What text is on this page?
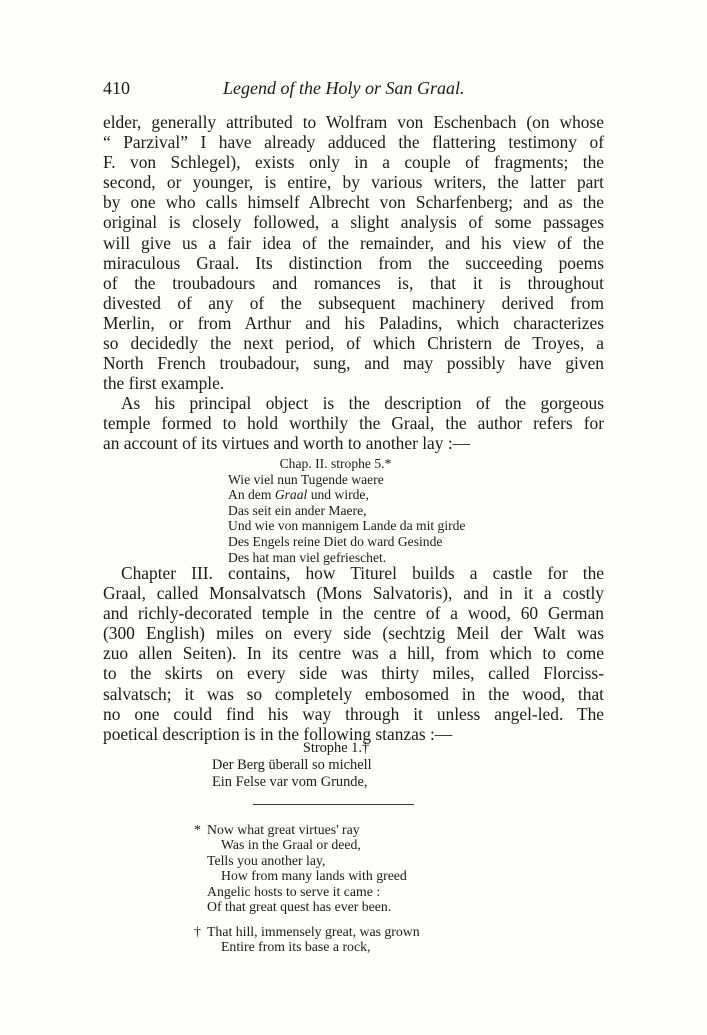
410	Legend of the Holy or San Graal.

elder, generally attributed to Wolfram von Eschenbach (on whose

“ Parzival” I have already adduced the flattering testimony of

F. von Schlegel), exists only in a couple of fragments; the

second, or younger, is entire, by various writers, the latter part

by one who calls himself Albrecht von Scharfenberg; and as the

original is closely followed, a slight analysis of some passages

will give us a fair idea of the remainder, and his view of the

miraculous Graal. Its distinction from the succeeding poems

of the troubadours and romances is, that it is throughout

divested of any of the subsequent machinery derived from

Merlin, or from Arthur and his Paladins, which characterizes

so decidedly the next period, of which Christern de Troyes, a

North French troubadour, sung, and may possibly have given

the first example.

As his principal object is the description of the gorgeous

temple formed to hold worthily the Graal, the author refers for

an account of its virtues and worth to another lay :—

Chap. II. strophe 5.*
Wie viel nun Tugende waere
An dem Graal und wirde,
Das seit ein ander Maere,
Und wie von mannigem Lande da mit girde
Des Engels reine Diet do ward Gesinde
Des hat man viel gefrieschet.

Chapter III. contains, how Titurel builds a castle for the

Graal, called Monsalvatsch (Mons Salvatoris), and in it a costly

and richly-decorated temple in the centre of a wood, 60 German

(300 English) miles on every side (sechtzig Meil der Walt was

zuo allen Seiten). In its centre was a hill, from which to come

to the skirts on every side was thirty miles, called Florciss-

salvatsch; it was so completely embosomed in the wood, that

no one could find his way through it unless angel-led. The

poetical description is in the following stanzas :—

Strophe 1.†
Der Berg überall so michell
Ein Felse var vom Grunde,
* Now what great virtues' ray
Was in the Graal or deed,
Tells you another lay,
How from many lands with greed
Angelic hosts to serve it came :
Of that great quest has ever been.
† That hill, immensely great, was grown
Entire from its base a rock,
